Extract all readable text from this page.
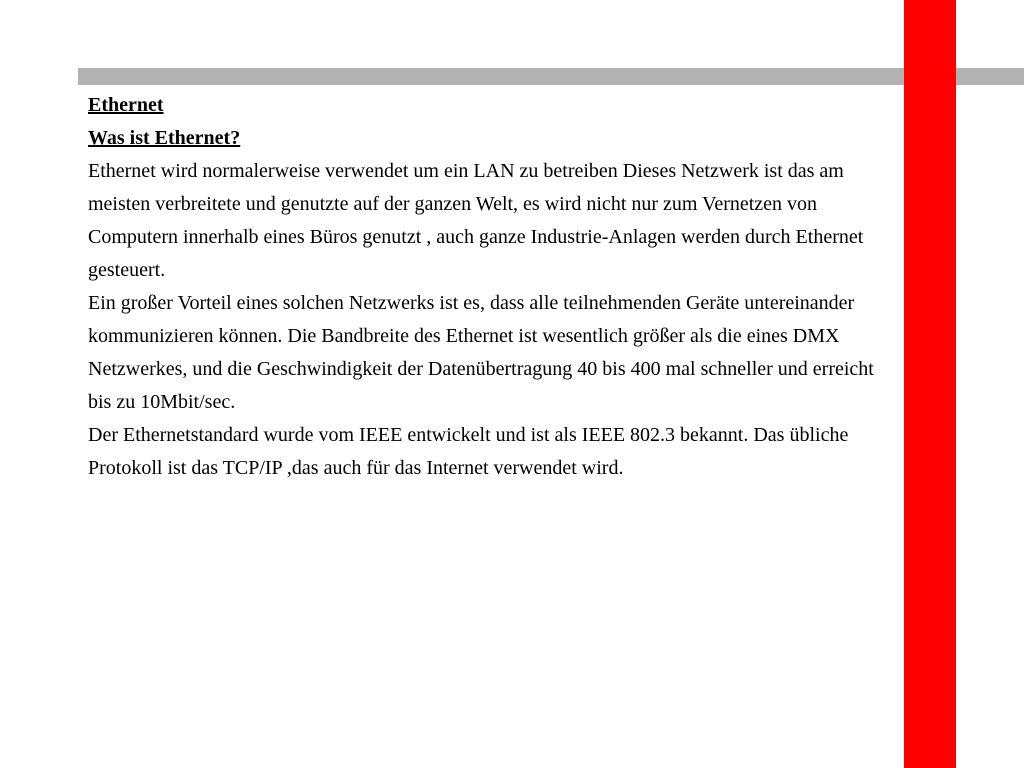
Ethernet
Was ist Ethernet?

Ethernet wird normalerweise verwendet um ein LAN zu betreiben Dieses Netzwerk ist das am meisten verbreitete und genutzte auf der ganzen Welt, es wird nicht nur zum Vernetzen von Computern innerhalb eines Büros genutzt , auch ganze Industrie-Anlagen werden durch Ethernet gesteuert.

Ein großer Vorteil eines solchen Netzwerks ist es, dass alle teilnehmenden Geräte untereinander kommunizieren können. Die Bandbreite des Ethernet ist wesentlich größer als die eines DMX Netzwerkes, und die Geschwindigkeit der Datenübertragung 40 bis 400 mal schneller und erreicht bis zu 10Mbit/sec.

Der Ethernetstandard wurde vom IEEE entwickelt und ist als IEEE 802.3 bekannt. Das übliche Protokoll ist das TCP/IP ,das auch für das Internet verwendet wird.
